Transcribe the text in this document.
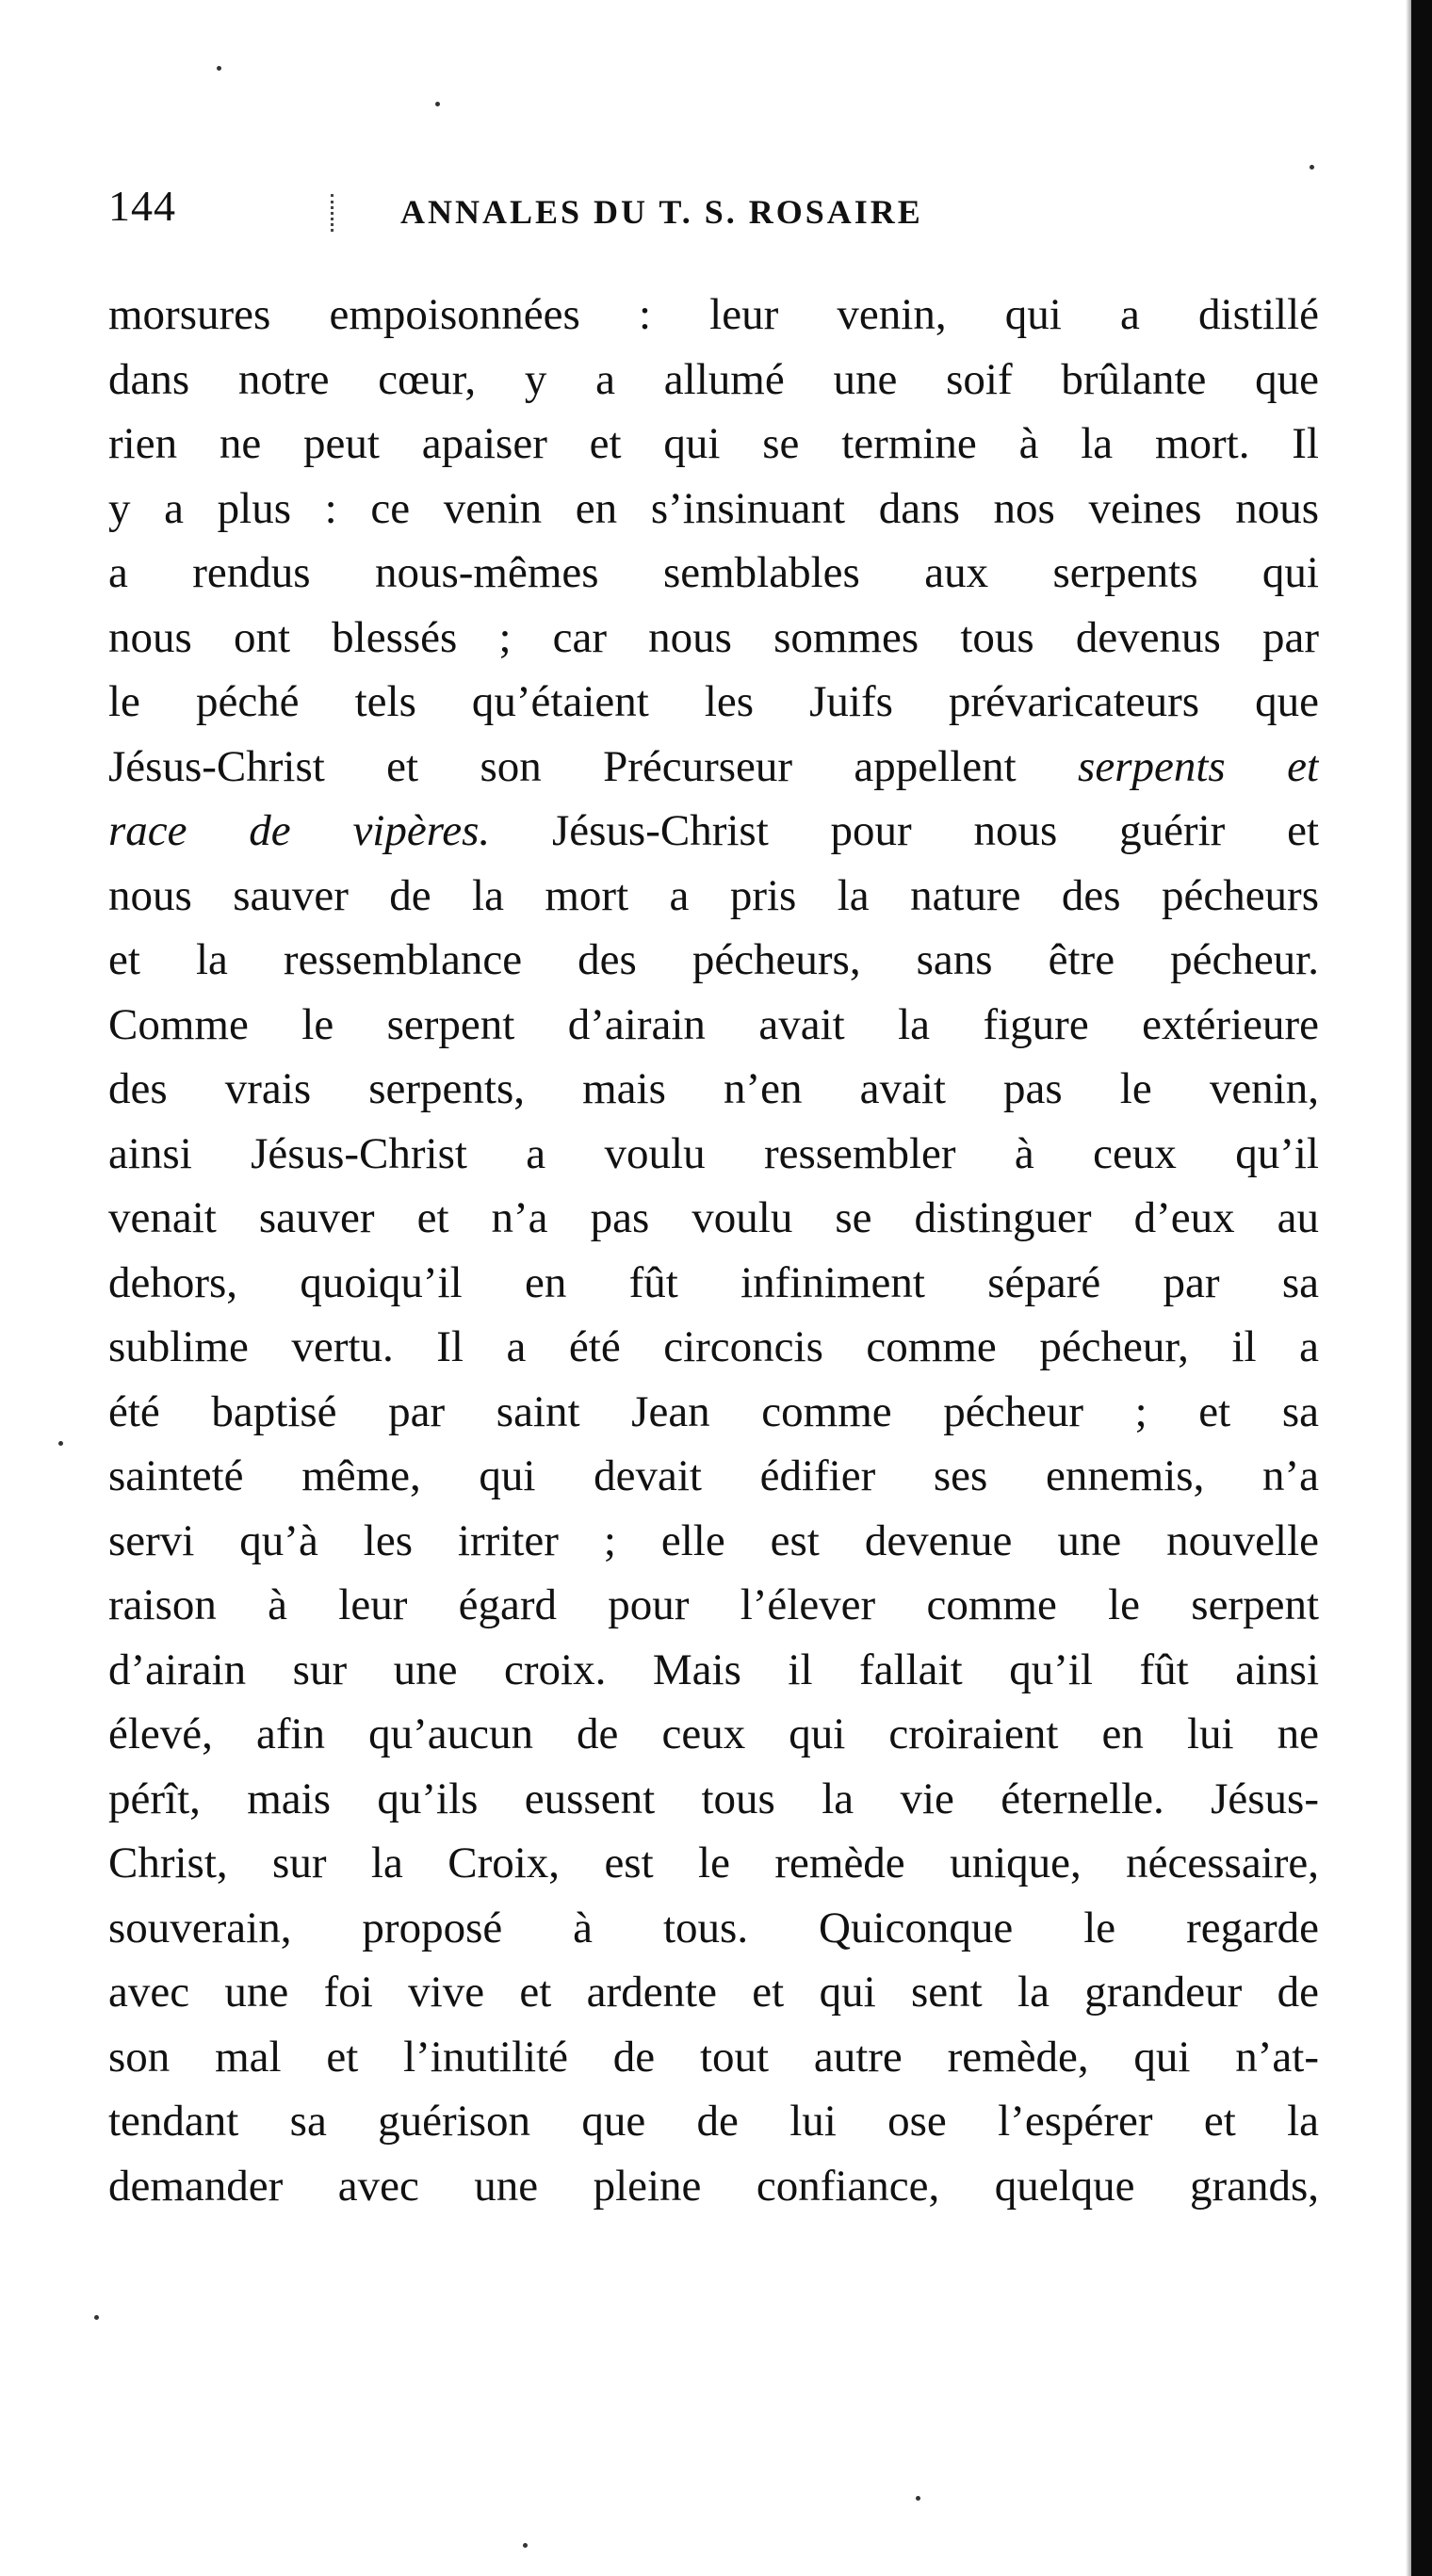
144	ANNALES DU T. S. ROSAIRE
morsures empoisonnées : leur venin, qui a distillé
dans notre cœur, y a allumé une soif brûlante que
rien ne peut apaiser et qui se termine à la mort. Il
y a plus : ce venin en s’insinuant dans nos veines nous
a rendus nous-mêmes semblables aux serpents qui
nous ont blessés ; car nous sommes tous devenus par
le péché tels qu’étaient les Juifs prévaricateurs que
Jésus-Christ et son Précurseur appellent serpents et
race de vipères. Jésus-Christ pour nous guérir et
nous sauver de la mort a pris la nature des pécheurs
et la ressemblance des pécheurs, sans être pécheur.
Comme le serpent d’airain avait la figure extérieure
des vrais serpents, mais n’en avait pas le venin,
ainsi Jésus-Christ a voulu ressembler à ceux qu’il
venait sauver et n’a pas voulu se distinguer d’eux au
dehors, quoiqu’il en fût infiniment séparé par sa
sublime vertu. Il a été circoncis comme pécheur, il a
été baptisé par saint Jean comme pécheur ; et sa
sainteté même, qui devait édifier ses ennemis, n’a
servi qu’à les irriter ; elle est devenue une nouvelle
raison à leur égard pour l’élever comme le serpent
d’airain sur une croix. Mais il fallait qu’il fût ainsi
élevé, afin qu’aucun de ceux qui croiraient en lui ne
pérît, mais qu’ils eussent tous la vie éternelle. Jésus-
Christ, sur la Croix, est le remède unique, nécessaire,
souverain, proposé à tous. Quiconque le regarde
avec une foi vive et ardente et qui sent la grandeur de
son mal et l’inutilité de tout autre remède, qui n’at-
tendant sa guérison que de lui ose l’espérer et la
demander avec une pleine confiance, quelque grands,
